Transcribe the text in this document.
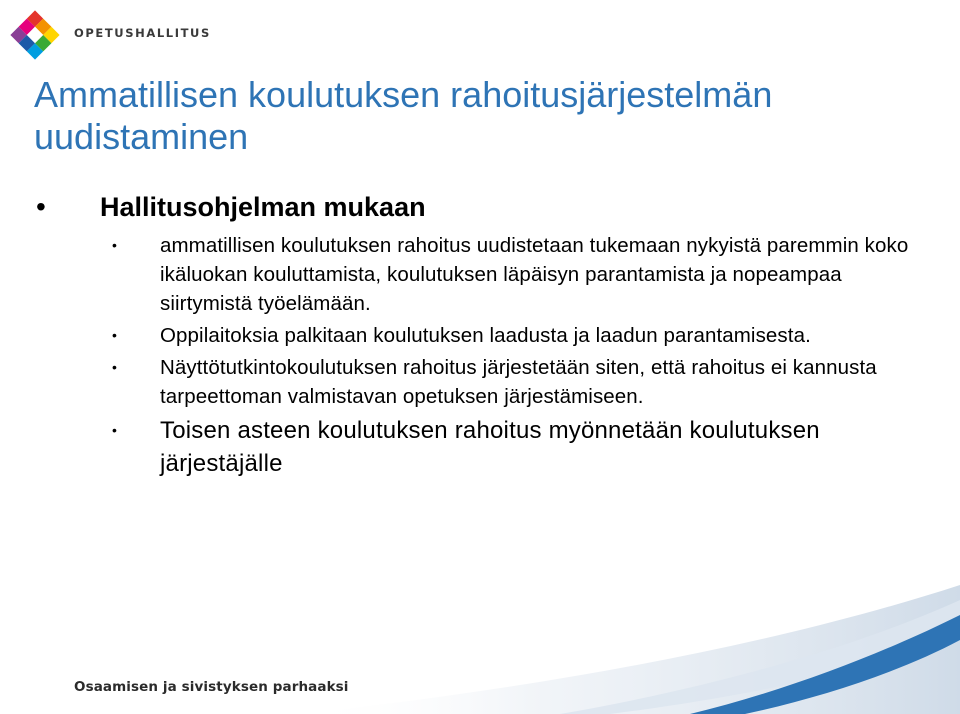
OPETUSHALLITUS
Ammatillisen koulutuksen rahoitusjärjestelmän uudistaminen
• Hallitusohjelman mukaan
• ammatillisen koulutuksen rahoitus uudistetaan tukemaan nykyistä paremmin koko ikäluokan kouluttamista, koulutuksen läpäisyn parantamista ja nopeampaa siirtymistä työelämään.
• Oppilaitoksia palkitaan koulutuksen laadusta ja laadun parantamisesta.
• Näyttötutkintokoulutuksen rahoitus järjestetään siten, että rahoitus ei kannusta tarpeettoman valmistavan opetuksen järjestämiseen.
• Toisen asteen koulutuksen rahoitus myönnetään koulutuksen järjestäjälle
Osaamisen ja sivistyksen parhaaksi
